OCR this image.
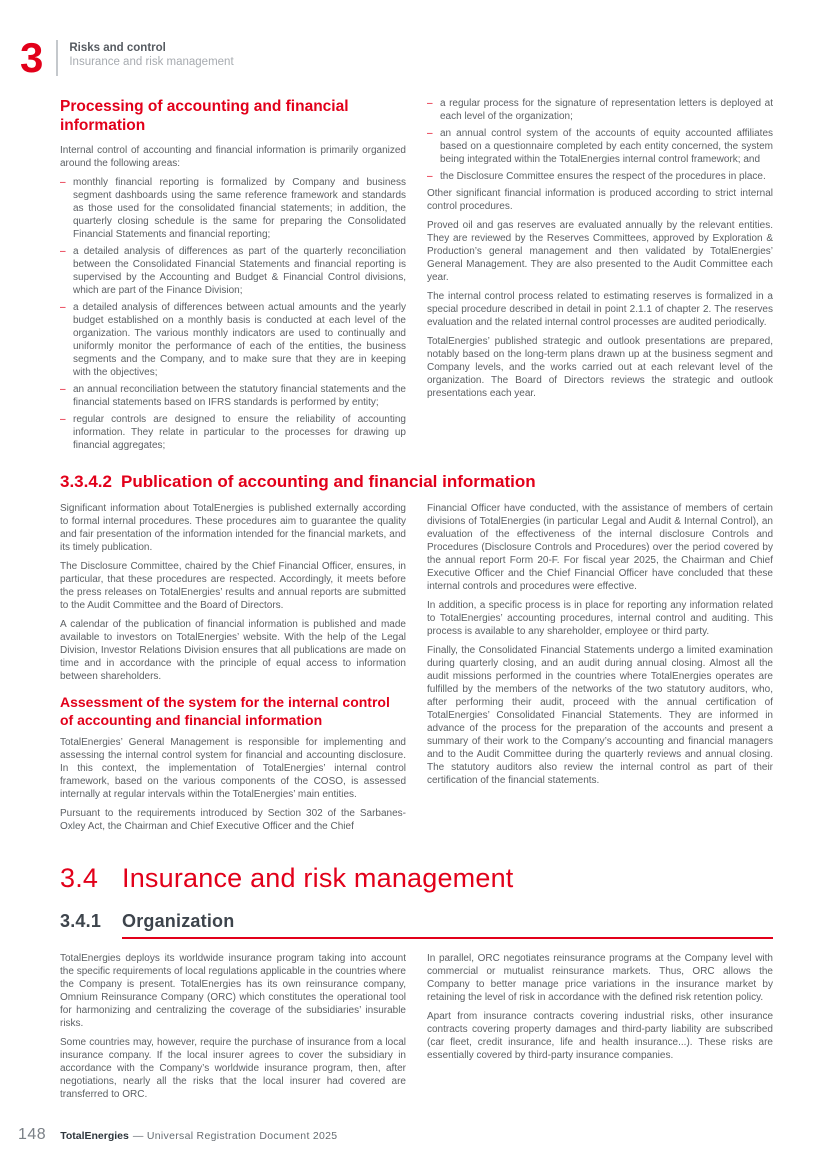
3 Risks and control
Insurance and risk management
Processing of accounting and financial information

Internal control of accounting and financial information is primarily organized around the following areas:

– monthly financial reporting is formalized by Company and business segment dashboards using the same reference framework and standards as those used for the consolidated financial statements; in addition, the quarterly closing schedule is the same for preparing the Consolidated Financial Statements and financial reporting;
– a detailed analysis of differences as part of the quarterly reconciliation between the Consolidated Financial Statements and financial reporting is supervised by the Accounting and Budget & Financial Control divisions, which are part of the Finance Division;
– a detailed analysis of differences between actual amounts and the yearly budget established on a monthly basis is conducted at each level of the organization. The various monthly indicators are used to continually and uniformly monitor the performance of each of the entities, the business segments and the Company, and to make sure that they are in keeping with the objectives;
– an annual reconciliation between the statutory financial statements and the financial statements based on IFRS standards is performed by entity;
– regular controls are designed to ensure the reliability of accounting information. They relate in particular to the processes for drawing up financial aggregates;
– a regular process for the signature of representation letters is deployed at each level of the organization;
– an annual control system of the accounts of equity accounted affiliates based on a questionnaire completed by each entity concerned, the system being integrated within the TotalEnergies internal control framework; and
– the Disclosure Committee ensures the respect of the procedures in place.

Other significant financial information is produced according to strict internal control procedures.

Proved oil and gas reserves are evaluated annually by the relevant entities. They are reviewed by the Reserves Committees, approved by Exploration & Production’s general management and then validated by TotalEnergies’ General Management. They are also presented to the Audit Committee each year.

The internal control process related to estimating reserves is formalized in a special procedure described in detail in point 2.1.1 of chapter 2. The reserves evaluation and the related internal control processes are audited periodically.

TotalEnergies’ published strategic and outlook presentations are prepared, notably based on the long-term plans drawn up at the business segment and Company levels, and the works carried out at each relevant level of the organization. The Board of Directors reviews the strategic and outlook presentations each year.

3.3.4.2 Publication of accounting and financial information

Significant information about TotalEnergies is published externally according to formal internal procedures. These procedures aim to guarantee the quality and fair presentation of the information intended for the financial markets, and its timely publication.

The Disclosure Committee, chaired by the Chief Financial Officer, ensures, in particular, that these procedures are respected. Accordingly, it meets before the press releases on TotalEnergies’ results and annual reports are submitted to the Audit Committee and the Board of Directors.

A calendar of the publication of financial information is published and made available to investors on TotalEnergies’ website. With the help of the Legal Division, Investor Relations Division ensures that all publications are made on time and in accordance with the principle of equal access to information between shareholders.

Assessment of the system for the internal control of accounting and financial information

TotalEnergies’ General Management is responsible for implementing and assessing the internal control system for financial and accounting disclosure. In this context, the implementation of TotalEnergies’ internal control framework, based on the various components of the COSO, is assessed internally at regular intervals within the TotalEnergies’ main entities.

Pursuant to the requirements introduced by Section 302 of the Sarbanes-Oxley Act, the Chairman and Chief Executive Officer and the Chief

Financial Officer have conducted, with the assistance of members of certain divisions of TotalEnergies (in particular Legal and Audit & Internal Control), an evaluation of the effectiveness of the internal disclosure Controls and Procedures (Disclosure Controls and Procedures) over the period covered by the annual report Form 20-F. For fiscal year 2025, the Chairman and Chief Executive Officer and the Chief Financial Officer have concluded that these internal controls and procedures were effective.

In addition, a specific process is in place for reporting any information related to TotalEnergies’ accounting procedures, internal control and auditing. This process is available to any shareholder, employee or third party.

Finally, the Consolidated Financial Statements undergo a limited examination during quarterly closing, and an audit during annual closing. Almost all the audit missions performed in the countries where TotalEnergies operates are fulfilled by the members of the networks of the two statutory auditors, who, after performing their audit, proceed with the annual certification of TotalEnergies’ Consolidated Financial Statements. They are informed in advance of the process for the preparation of the accounts and present a summary of their work to the Company’s accounting and financial managers and to the Audit Committee during the quarterly reviews and annual closing. The statutory auditors also review the internal control as part of their certification of the financial statements.

3.4 Insurance and risk management
3.4.1 Organization

TotalEnergies deploys its worldwide insurance program taking into account the specific requirements of local regulations applicable in the countries where the Company is present. TotalEnergies has its own reinsurance company, Omnium Reinsurance Company (ORC) which constitutes the operational tool for harmonizing and centralizing the coverage of the subsidiaries’ insurable risks.

Some countries may, however, require the purchase of insurance from a local insurance company. If the local insurer agrees to cover the subsidiary in accordance with the Company’s worldwide insurance program, then, after negotiations, nearly all the risks that the local insurer had covered are transferred to ORC.

In parallel, ORC negotiates reinsurance programs at the Company level with commercial or mutualist reinsurance markets. Thus, ORC allows the Company to better manage price variations in the insurance market by retaining the level of risk in accordance with the defined risk retention policy.

Apart from insurance contracts covering industrial risks, other insurance contracts covering property damages and third-party liability are subscribed (car fleet, credit insurance, life and health insurance...). These risks are essentially covered by third-party insurance companies.

148 TotalEnergies — Universal Registration Document 2025
